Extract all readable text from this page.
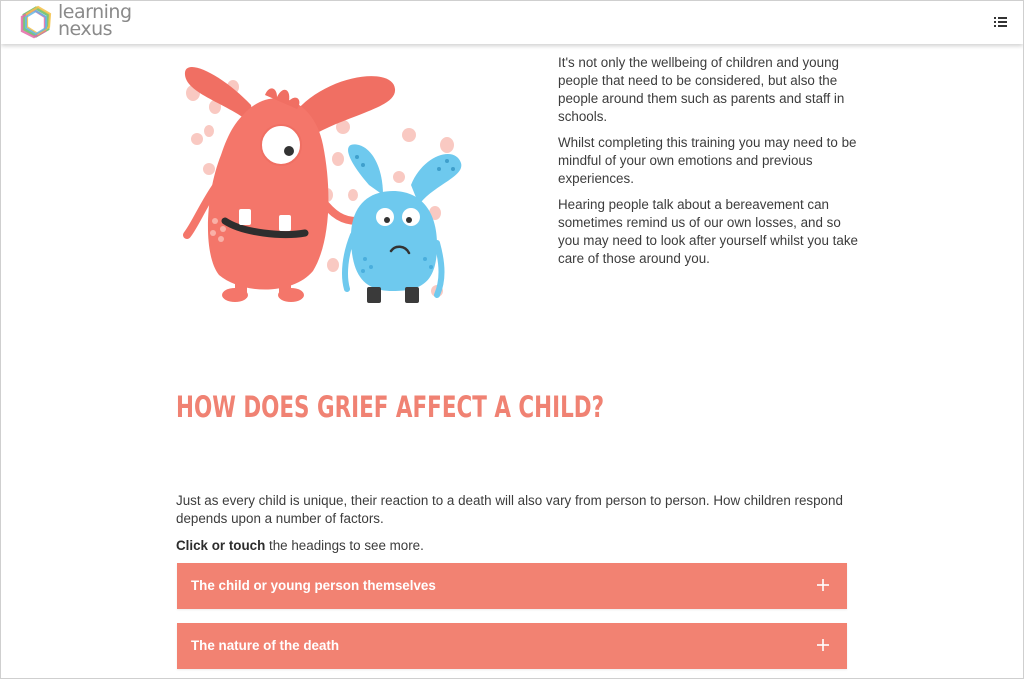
learning
nexus

It's not only the wellbeing of children and young people that need to be considered, but also the people around them such as parents and staff in schools.

Whilst completing this training you may need to be mindful of your own emotions and previous experiences.

Hearing people talk about a bereavement can sometimes remind us of our own losses, and so you may need to look after yourself whilst you take care of those around you.

HOW DOES GRIEF AFFECT A CHILD?

Just as every child is unique, their reaction to a death will also vary from person to person. How children respond depends upon a number of factors.

Click or touch the headings to see more.

The child or young person themselves
The nature of the death
